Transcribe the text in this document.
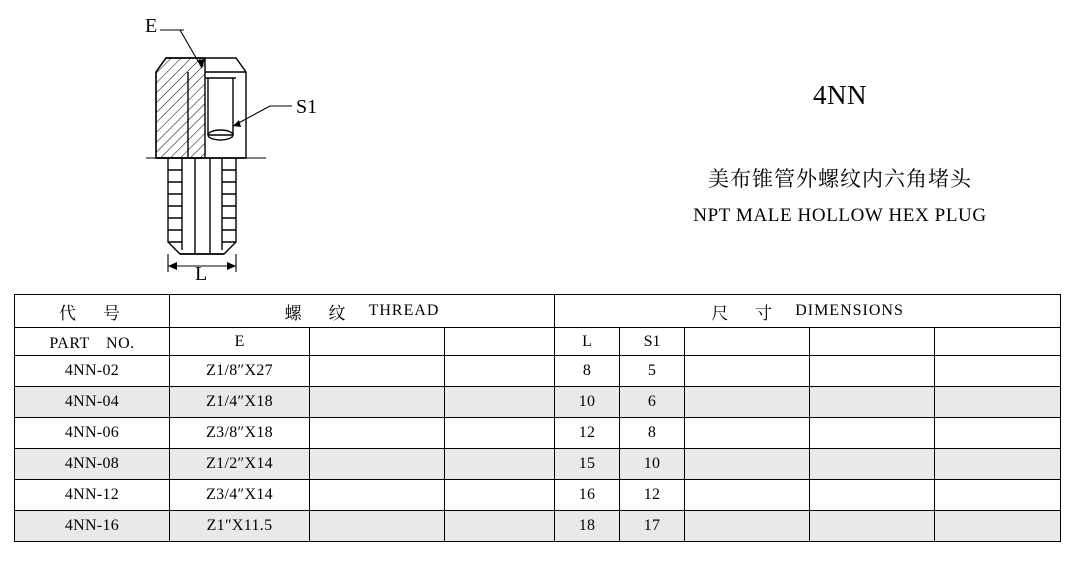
E
S1
L
4NN
美布锥管外螺纹内六角堵头
NPT MALE HOLLOW HEX PLUG
代　号	螺　纹 THREAD			尺　寸 DIMENSIONS				

PART　NO.	E			L	S1			
4NN-02	Z1/8″X27			8	5			
4NN-04	Z1/4″X18			10	6			
4NN-06	Z3/8″X18			12	8			
4NN-08	Z1/2″X14			15	10			
4NN-12	Z3/4″X14			16	12			
4NN-16	Z1″X11.5			18	17			
